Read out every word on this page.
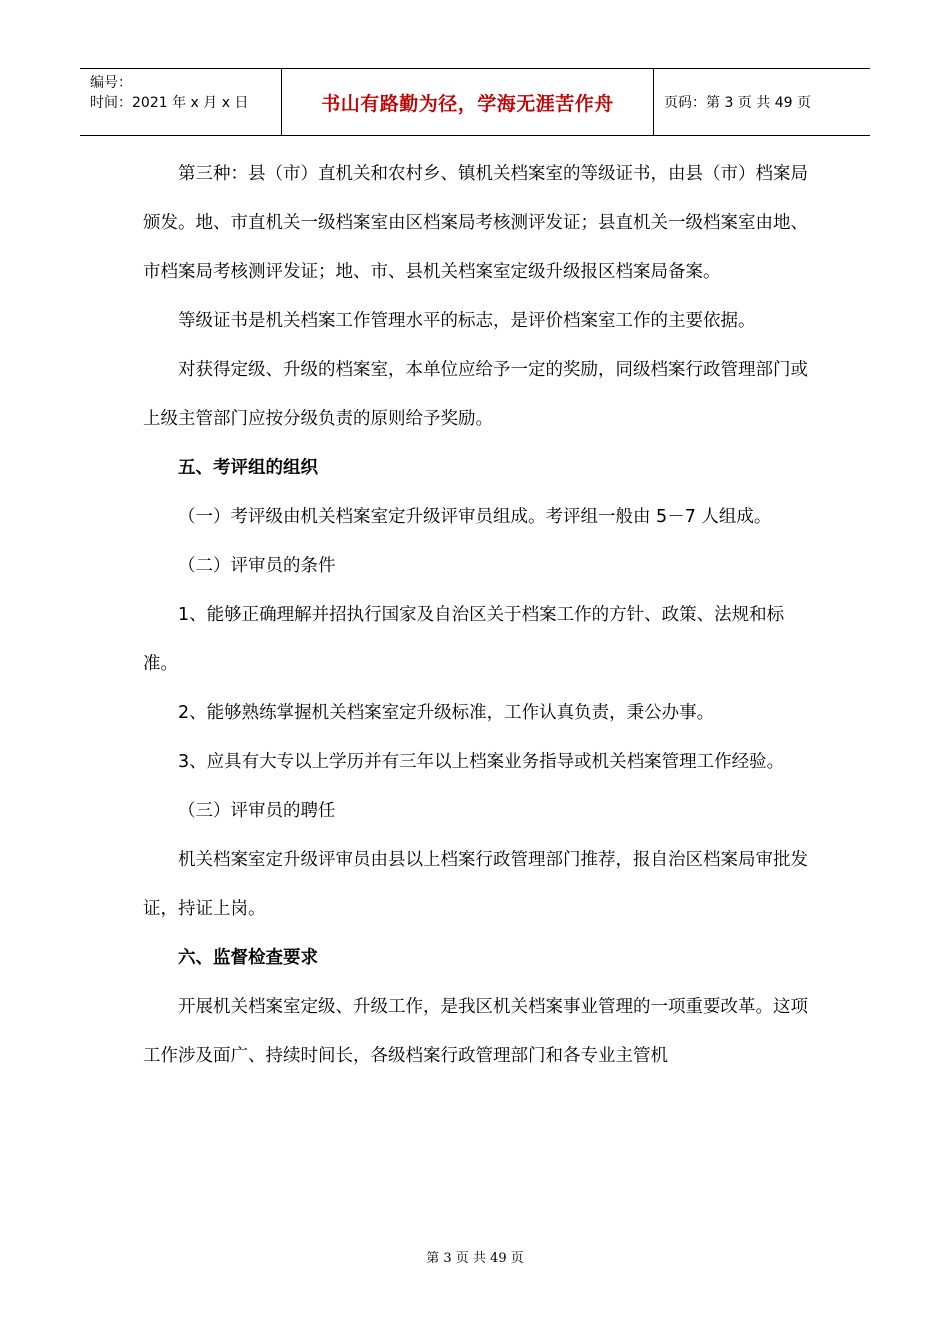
编号：
时间：2021 年 x 月 x 日	书山有路勤为径，学海无涯苦作舟	页码：第 3 页 共 49 页

第三种：县（市）直机关和农村乡、镇机关档案室的等级证书，由县（市）档案局颁发。地、市直机关一级档案室由区档案局考核测评发证；县直机关一级档案室由地、市档案局考核测评发证；地、市、县机关档案室定级升级报区档案局备案。

等级证书是机关档案工作管理水平的标志，是评价档案室工作的主要依据。

对获得定级、升级的档案室，本单位应给予一定的奖励，同级档案行政管理部门或上级主管部门应按分级负责的原则给予奖励。

五、考评组的组织

（一）考评级由机关档案室定升级评审员组成。考评组一般由 5－7 人组成。

（二）评审员的条件

1、能够正确理解并招执行国家及自治区关于档案工作的方针、政策、法规和标准。

2、能够熟练掌握机关档案室定升级标准，工作认真负责，秉公办事。

3、应具有大专以上学历并有三年以上档案业务指导或机关档案管理工作经验。

（三）评审员的聘任

机关档案室定升级评审员由县以上档案行政管理部门推荐，报自治区档案局审批发证，持证上岗。

六、监督检查要求

开展机关档案室定级、升级工作，是我区机关档案事业管理的一项重要改革。这项工作涉及面广、持续时间长，各级档案行政管理部门和各专业主管机

第 3 页 共 49 页
